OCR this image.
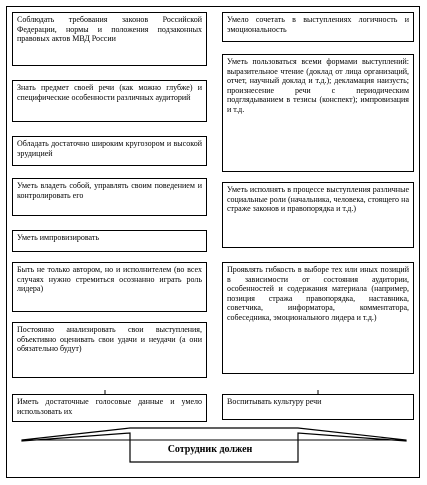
Соблюдать требования законов Российской Федерации, нормы и положения подзаконных правовых актов МВД России
Знать предмет своей речи (как можно глубже) и специфические особенности различных аудиторий
Обладать достаточно широким кругозором и высокой эрудицией
Уметь владеть собой, управлять своим поведением и контролировать его
Уметь импровизировать
Быть не только автором, но и исполнителем (во всех случаях нужно стремиться осознанно играть роль лидера)
Постоянно анализировать свои выступления, объективно оценивать свои удачи и неудачи (а они обязательно будут)
Иметь достаточные голосовые данные и умело использовать их
Умело сочетать в выступлениях логичность и эмоциональность
Уметь пользоваться всеми формами выступлений: выразительное чтение (доклад от лица организаций, отчет, научный доклад и т.д.); декламация наизусть; произнесение речи с периодическим подглядыванием в тезисы (конспект); импровизация и т.д.
Уметь исполнять в процессе выступления различные социальные роли (начальника, человека, стоящего на страже законов и правопорядка и т.д.)
Проявлять гибкость в выборе тех или иных позиций в зависимости от состояния аудитории, особенностей и содержания материала (например, позиция стража правопорядка, наставника, советчика, информатора, комментатора, собеседника, эмоционального лидера и т.д.)
Воспитывать культуру речи
Сотрудник должен
